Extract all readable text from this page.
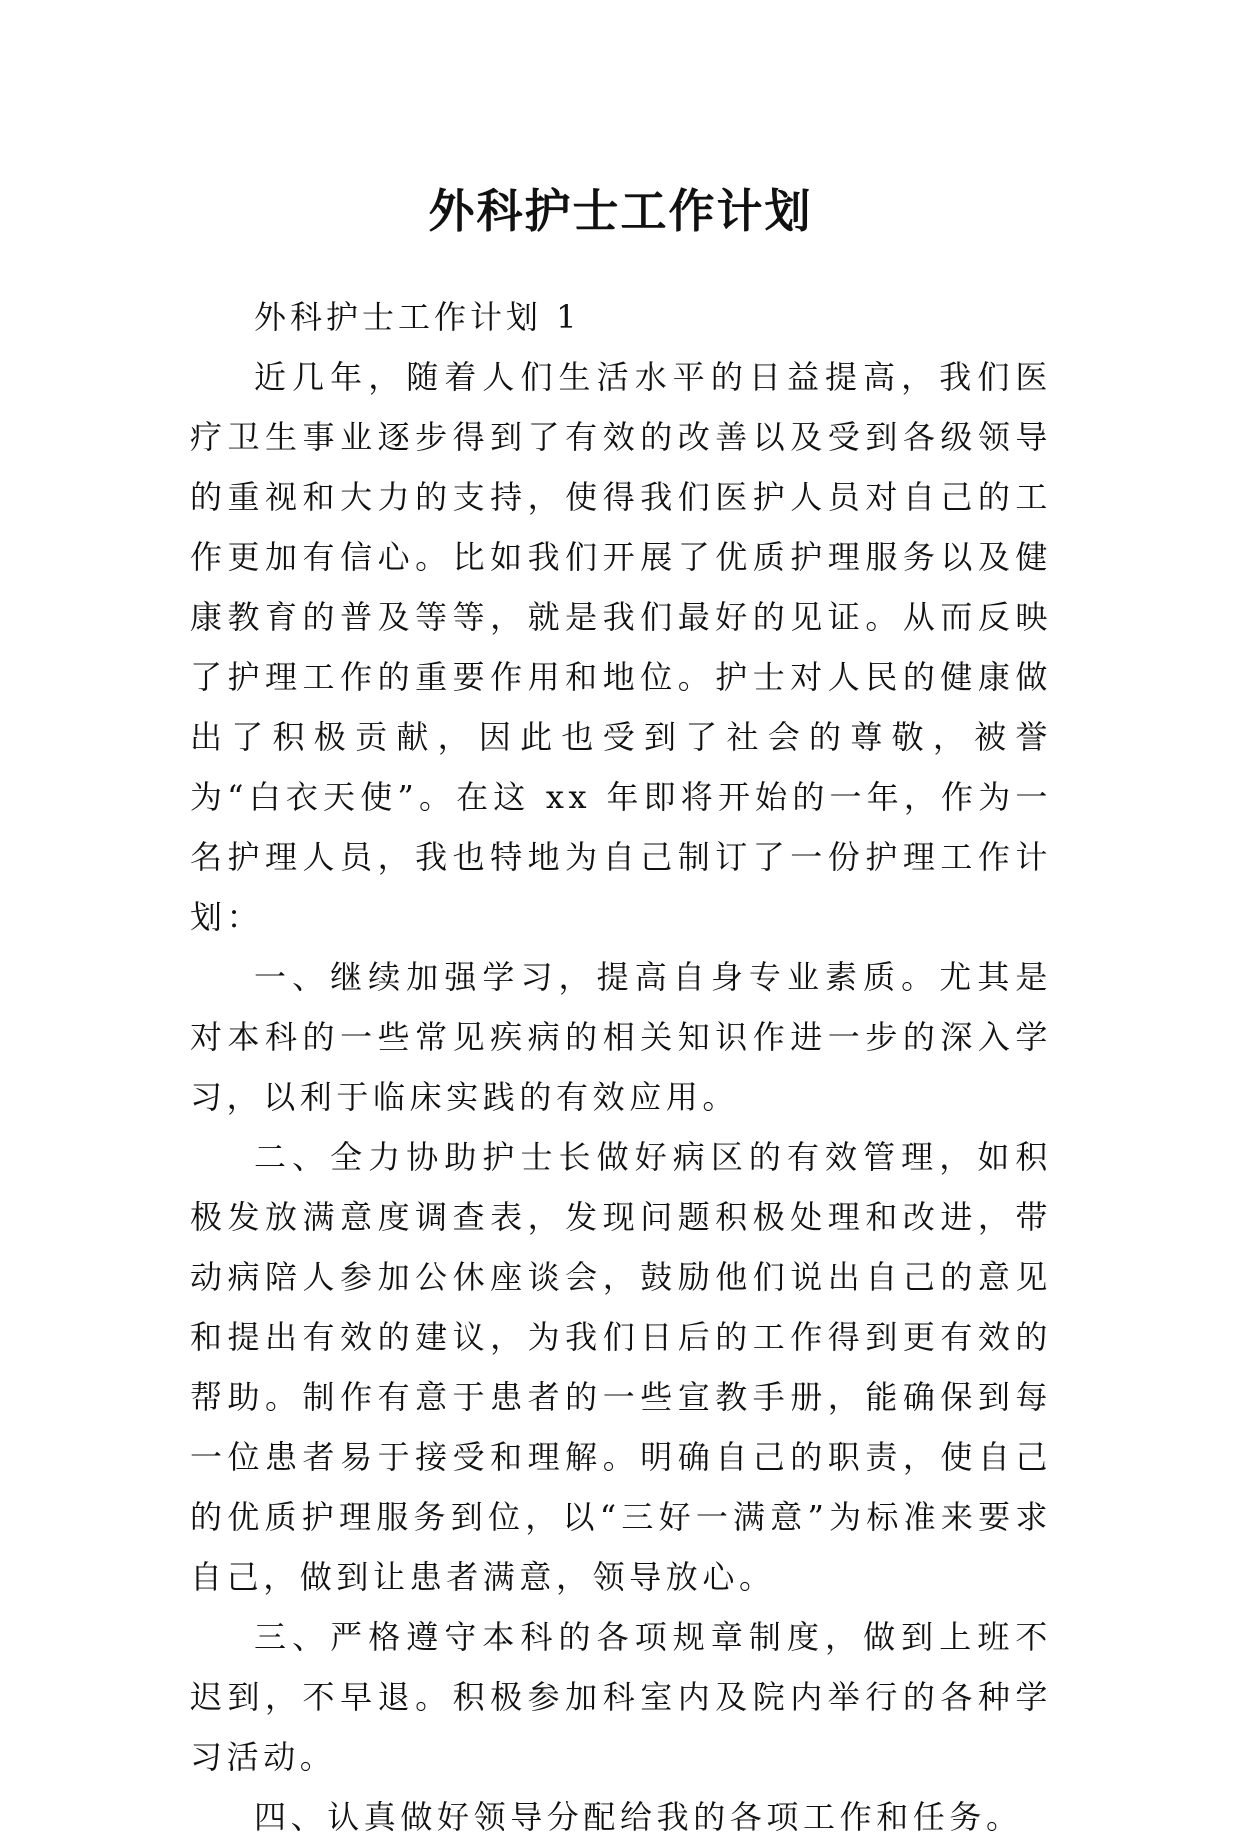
外科护士工作计划

外科护士工作计划 1

近几年，随着人们生活水平的日益提高，我们医疗卫生事业逐步得到了有效的改善以及受到各级领导的重视和大力的支持，使得我们医护人员对自己的工作更加有信心。比如我们开展了优质护理服务以及健康教育的普及等等，就是我们最好的见证。从而反映了护理工作的重要作用和地位。护士对人民的健康做出了积极贡献，因此也受到了社会的尊敬，被誉为“白衣天使”。在这 xx 年即将开始的一年，作为一名护理人员，我也特地为自己制订了一份护理工作计划：

一、继续加强学习，提高自身专业素质。尤其是对本科的一些常见疾病的相关知识作进一步的深入学习，以利于临床实践的有效应用。

二、全力协助护士长做好病区的有效管理，如积极发放满意度调查表，发现问题积极处理和改进，带动病陪人参加公休座谈会，鼓励他们说出自己的意见和提出有效的建议，为我们日后的工作得到更有效的帮助。制作有意于患者的一些宣教手册，能确保到每一位患者易于接受和理解。明确自己的职责，使自己的优质护理服务到位，以“三好一满意”为标准来要求自己，做到让患者满意，领导放心。

三、严格遵守本科的各项规章制度，做到上班不迟到，不早退。积极参加科室内及院内举行的各种学习活动。

四、认真做好领导分配给我的各项工作和任务。
